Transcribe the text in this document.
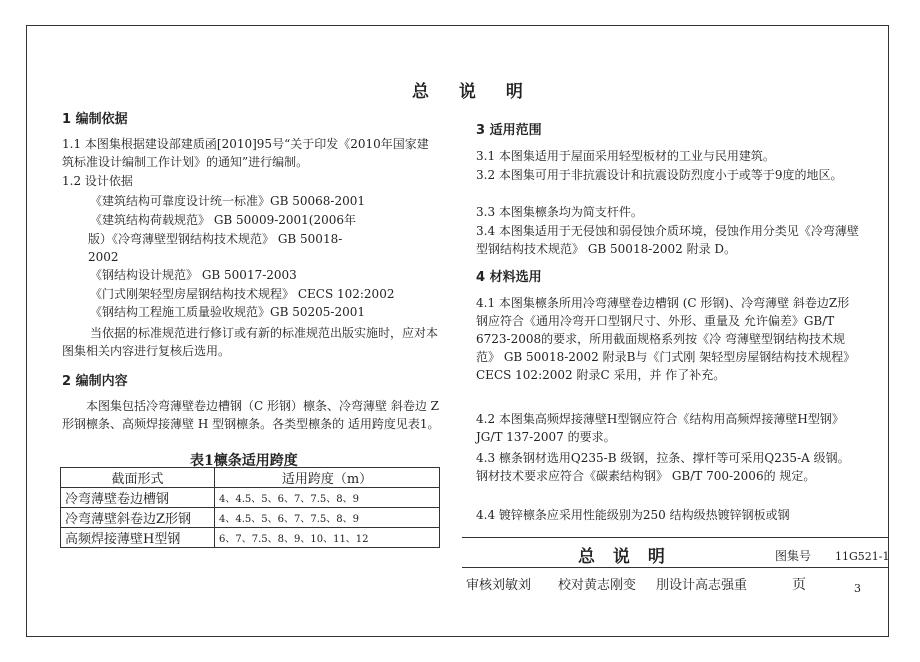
总 说 明
1 编制依据
1.1 本图集根据建设部建质函[2010]95号“关于印发《2010年国家建筑标准设计编制工作计划》的通知”进行编制。
1.2 设计依据
《建筑结构可靠度设计统一标准》GB 50068-2001
《建筑结构荷载规范》 GB 50009-2001(2006年
版）《冷弯薄壁型钢结构技术规范》 GB 50018-
2002
《钢结构设计规范》 GB 50017-2003
《门式刚架轻型房屋钢结构技术规程》 CECS 102:2002
《钢结构工程施工质量验收规范》GB 50205-2001
当依据的标准规范进行修订或有新的标准规范出版实施时，应对本图集相关内容进行复核后选用。
2 编制内容
本图集包括冷弯薄壁卷边槽钢（C 形钢）檩条、冷弯薄壁 斜卷边 Z形钢檩条、高频焊接薄壁 H 型钢檩条。各类型檩条的 适用跨度见表1。
表1檩条适用跨度
截面形式	适用跨度（m）
冷弯薄壁卷边槽钢	4、4.5、5、6、7、7.5、8、9
冷弯薄壁斜卷边Z形钢	4、4.5、5、6、7、7.5、8、9
高频焊接薄壁H型钢	6、7、7.5、8、9、10、11、12
3 适用范围
3.1 本图集适用于屋面采用轻型板材的工业与民用建筑。
3.2 本图集可用于非抗震设计和抗震设防烈度小于或等于9度的地区。
3.3 本图集檩条均为简支杆件。
3.4 本图集适用于无侵蚀和弱侵蚀介质环境，侵蚀作用分类见《冷弯薄壁型钢结构技术规范》 GB 50018-2002 附录 D。
4 材料选用
4.1 本图集檩条所用冷弯薄壁卷边槽钢 (C 形钢)、冷弯薄壁 斜卷边Z形钢应符合《通用冷弯开口型钢尺寸、外形、重量及 允许偏差》GB/T 6723-2008的要求，所用截面规格系列按《冷 弯薄壁型钢结构技术规范》 GB 50018-2002 附录B与《门式刚 架轻型房屋钢结构技术规程》 CECS 102:2002 附录C 采用，并 作了补充。
4.2 本图集高频焊接薄壁H型钢应符合《结构用高频焊接薄壁H型钢》JG/T 137-2007 的要求。
4.3 檩条钢材选用Q235-B 级钢，拉条、撑杆等可采用Q235-A 级钢。钢材技术要求应符合《碳素结构钢》 GB/T 700-2006的 规定。
4.4 镀锌檩条应采用性能级别为250 结构级热镀锌钢板或钢
总 说 明	图集号 11G521-1
审核刘敏刘 校对黄志刚变 刖设计高志强重	页	3
